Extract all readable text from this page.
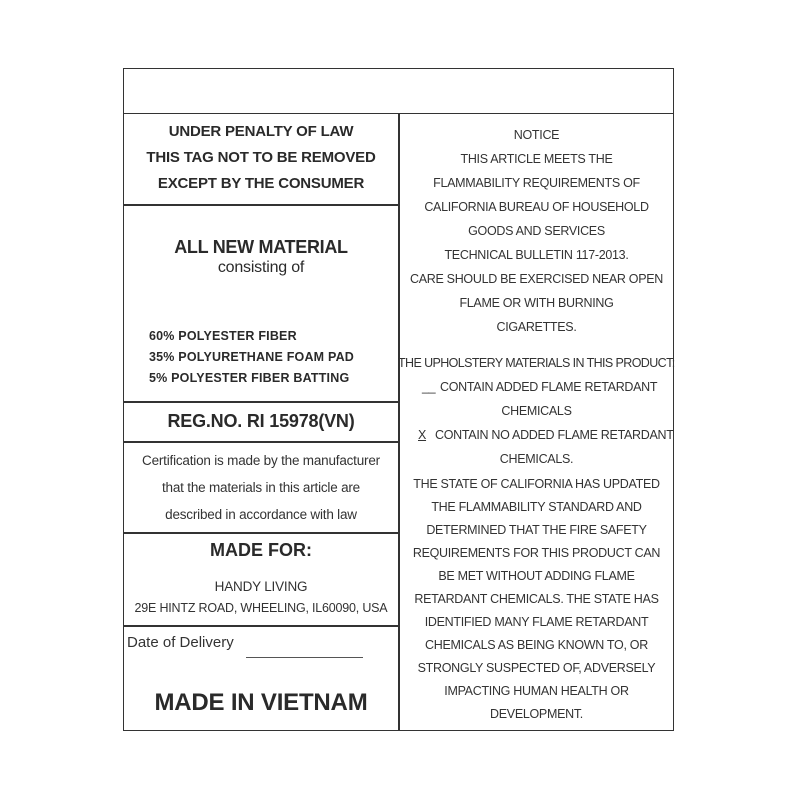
UNDER PENALTY OF LAW
THIS TAG NOT TO BE REMOVED
EXCEPT BY THE CONSUMER
ALL NEW MATERIAL
consisting of
60% POLYESTER FIBER
35% POLYURETHANE FOAM PAD
5% POLYESTER FIBER BATTING
REG.NO. RI 15978(VN)
Certification is made by the manufacturer
that the materials in this article are
described in accordance with law
MADE FOR:
HANDY LIVING
29E HINTZ ROAD, WHEELING, IL60090, USA
Date of Delivery
MADE IN VIETNAM
NOTICE
THIS ARTICLE MEETS THE
FLAMMABILITY REQUIREMENTS OF
CALIFORNIA BUREAU OF HOUSEHOLD
GOODS AND SERVICES
TECHNICAL BULLETIN 117-2013.
CARE SHOULD BE EXERCISED NEAR OPEN
FLAME OR WITH BURNING
CIGARETTES.
THE UPHOLSTERY MATERIALS IN THIS PRODUCT:
__ CONTAIN ADDED FLAME RETARDANT
CHEMICALS
X CONTAIN NO ADDED FLAME RETARDANT
CHEMICALS.
THE STATE OF CALIFORNIA HAS UPDATED
THE FLAMMABILITY STANDARD AND
DETERMINED THAT THE FIRE SAFETY
REQUIREMENTS FOR THIS PRODUCT CAN
BE MET WITHOUT ADDING FLAME
RETARDANT CHEMICALS. THE STATE HAS
IDENTIFIED MANY FLAME RETARDANT
CHEMICALS AS BEING KNOWN TO, OR
STRONGLY SUSPECTED OF, ADVERSELY
IMPACTING HUMAN HEALTH OR
DEVELOPMENT.
